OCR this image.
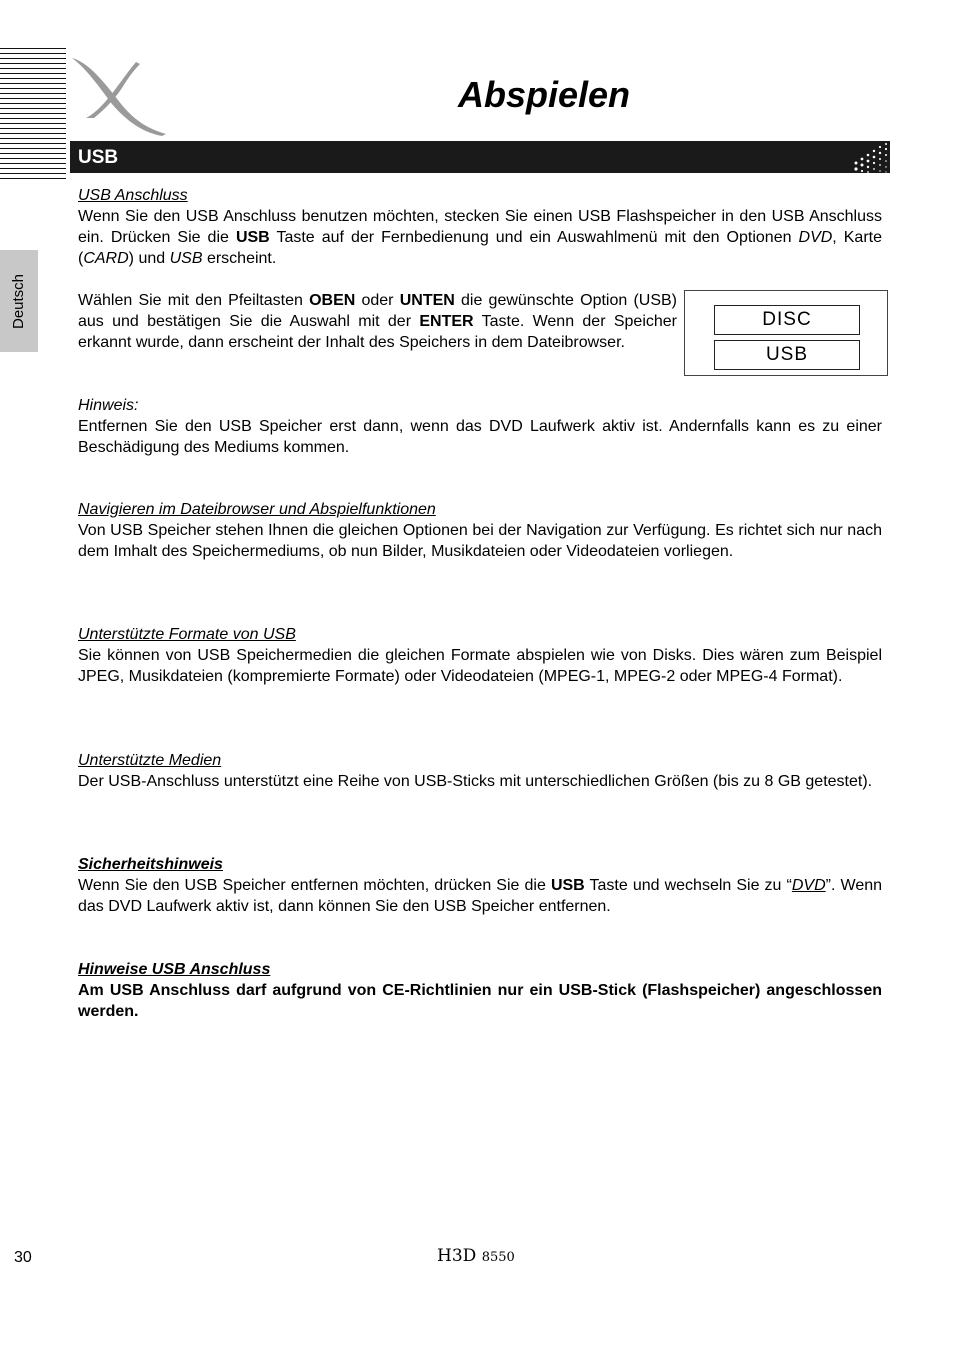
Abspielen
USB
Deutsch
USB Anschluss

Wenn Sie den USB Anschluss benutzen möchten, stecken Sie einen USB Flashspeicher in den USB Anschluss ein. Drücken Sie die USB Taste auf der Fernbedienung und ein Auswahlmenü mit den Optionen DVD, Karte (CARD) und USB erscheint.

Wählen Sie mit den Pfeiltasten OBEN oder UNTEN die gewünschte Option (USB) aus und bestätigen Sie die Auswahl mit der ENTER Taste. Wenn der Speicher erkannt wurde, dann erscheint der Inhalt des Speichers in dem Dateibrowser.

DISC
USB
Hinweis:

Entfernen Sie den USB Speicher erst dann, wenn das DVD Laufwerk aktiv ist. Andernfalls kann es zu einer Beschädigung des Mediums kommen.

Navigieren im Dateibrowser und Abspielfunktionen

Von USB Speicher stehen Ihnen die gleichen Optionen bei der Navigation zur Verfügung. Es richtet sich nur nach dem Imhalt des Speichermediums, ob nun Bilder, Musikdateien oder Videodateien vorliegen.

Unterstützte Formate von USB

Sie können von USB Speichermedien die gleichen Formate abspielen wie von Disks. Dies wären zum Beispiel JPEG, Musikdateien (kompremierte Formate) oder Videodateien (MPEG-1, MPEG-2 oder MPEG-4 Format).

Unterstützte Medien

Der USB-Anschluss unterstützt eine Reihe von USB-Sticks mit unterschiedlichen Größen (bis zu 8 GB getestet).

Sicherheitshinweis

Wenn Sie den USB Speicher entfernen möchten, drücken Sie die USB Taste und wechseln Sie zu “DVD”. Wenn das DVD Laufwerk aktiv ist, dann können Sie den USB Speicher entfernen.

Hinweise USB Anschluss

Am USB Anschluss darf aufgrund von CE-Richtlinien nur ein USB-Stick (Flashspeicher) angeschlossen werden.

30	H3D 8550
